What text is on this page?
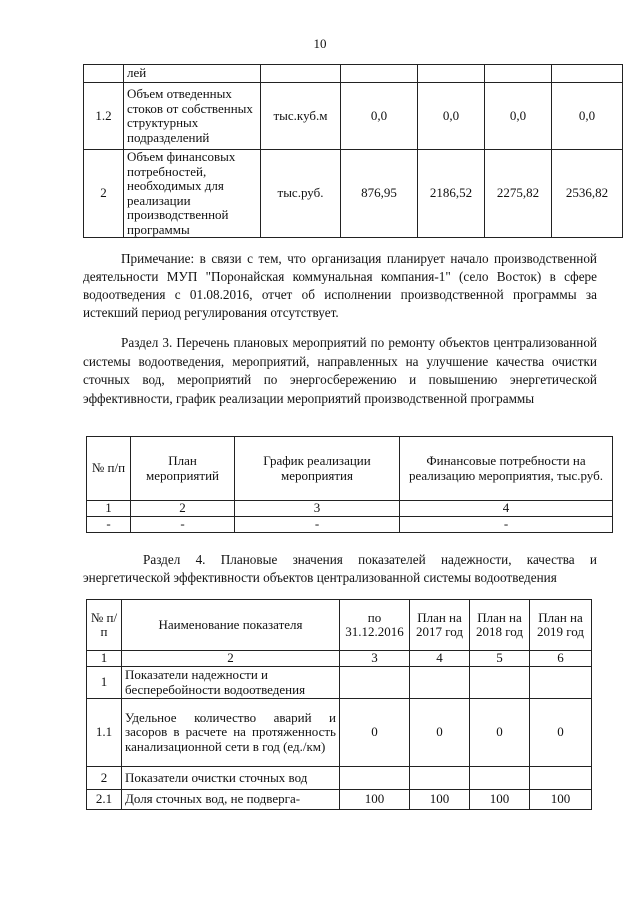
10
	лей					
1.2	Объем отведенных стоков от собственных структурных подразделений	тыс.куб.м	0,0	0,0	0,0	0,0
2	Объем финансовых потребностей, необходимых для реализации производственной программы	тыс.руб.	876,95	2186,52	2275,82	2536,82
Примечание: в связи с тем, что организация планирует начало производственной деятельности МУП "Поронайская коммунальная компания-1" (село Восток) в сфере водоотведения с 01.08.2016, отчет об исполнении производственной программы за истекший период регулирования отсутствует.
Раздел 3. Перечень плановых мероприятий по ремонту объектов централизованной системы водоотведения, мероприятий, направленных на улучшение качества очистки сточных вод, мероприятий по энергосбережению и повышению энергетической эффективности, график реализации мероприятий производственной программы
№ п/п	План мероприятий	График реализации мероприятия	Финансовые потребности на реализацию мероприятия, тыс.руб.
1	2	3	4
-	-	-	-
Раздел 4. Плановые значения показателей надежности, качества и энергетической эффективности объектов централизованной системы водоотведения
№ п/п	Наименование показателя	по 31.12.2016	План на 2017 год	План на 2018 год	План на 2019 год
1	2	3	4	5	6
1	Показатели надежности и бесперебойности водоотведения				
1.1	Удельное количество аварий и засоров в расчете на протяженность канализационной сети в год (ед./км)	0	0	0	0
2	Показатели очистки сточных вод				
2.1	Доля сточных вод, не подверга-	100	100	100	100
